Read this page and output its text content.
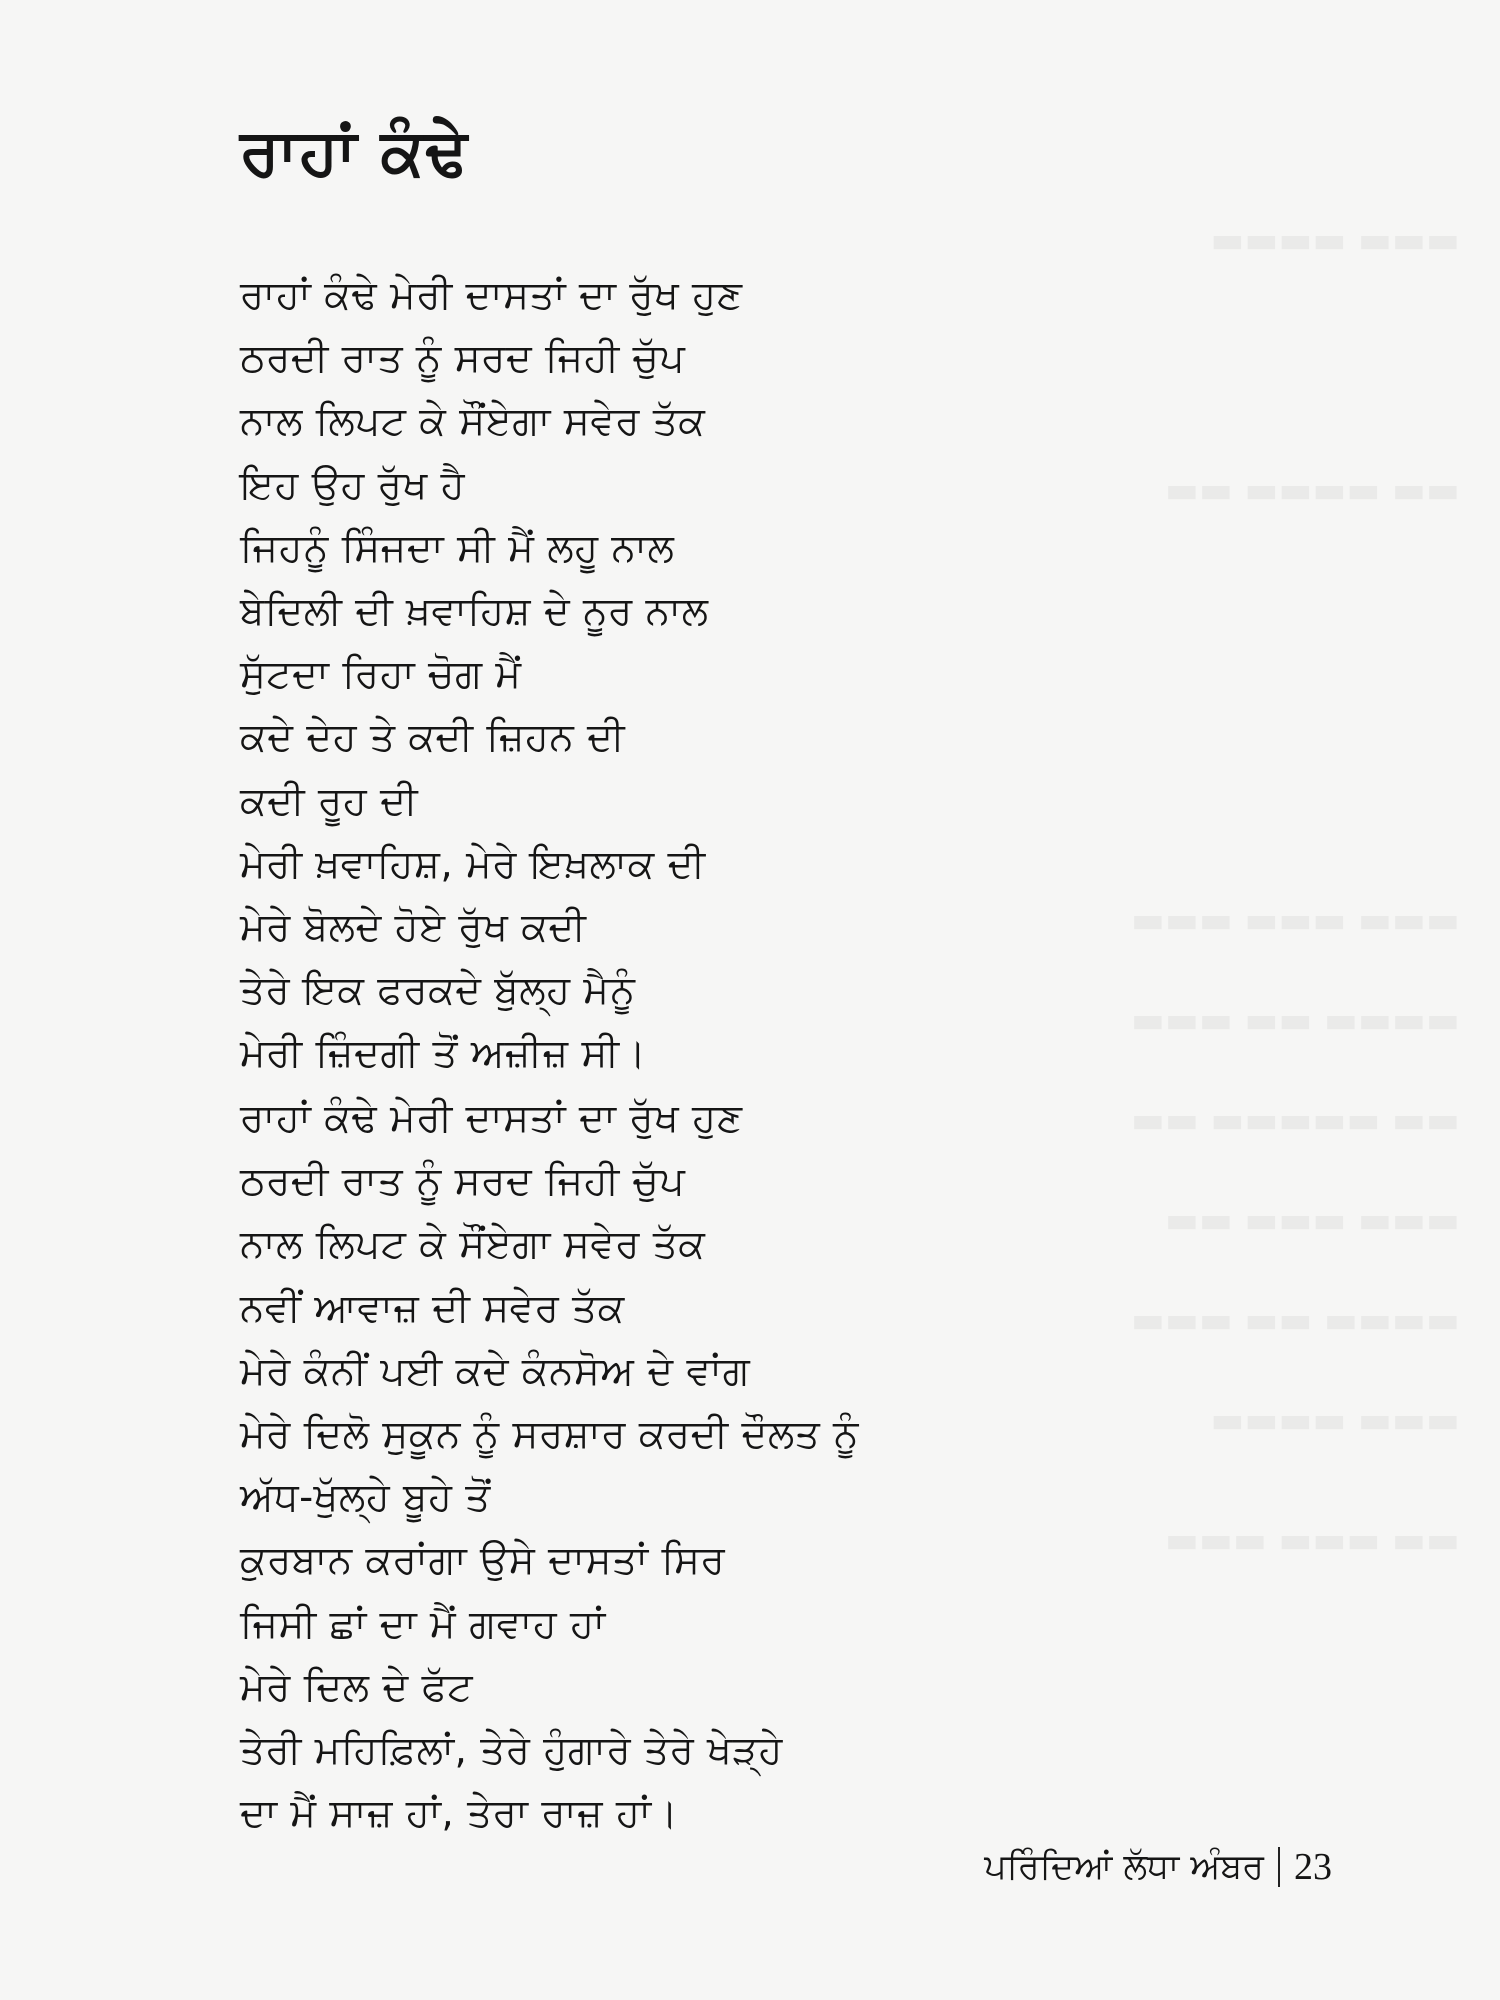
ਰਾਹਾਂ ਕੰਢੇ
ਰਾਹਾਂ ਕੰਢੇ ਮੇਰੀ ਦਾਸਤਾਂ ਦਾ ਰੁੱਖ ਹੁਣ
ਠਰਦੀ ਰਾਤ ਨੂੰ ਸਰਦ ਜਿਹੀ ਚੁੱਪ
ਨਾਲ ਲਿਪਟ ਕੇ ਸੌਂਏਗਾ ਸਵੇਰ ਤੱਕ
ਇਹ ਉਹ ਰੁੱਖ ਹੈ
ਜਿਹਨੂੰ ਸਿੰਜਦਾ ਸੀ ਮੈਂ ਲਹੂ ਨਾਲ
ਬੇਦਿਲੀ ਦੀ ਖ਼ਵਾਹਿਸ਼ ਦੇ ਨੂਰ ਨਾਲ
ਸੁੱਟਦਾ ਰਿਹਾ ਚੋਗ ਮੈਂ
ਕਦੇ ਦੇਹ ਤੇ ਕਦੀ ਜ਼ਿਹਨ ਦੀ
ਕਦੀ ਰੂਹ ਦੀ
ਮੇਰੀ ਖ਼ਵਾਹਿਸ਼, ਮੇਰੇ ਇਖ਼ਲਾਕ ਦੀ
ਮੇਰੇ ਬੋਲਦੇ ਹੋਏ ਰੁੱਖ ਕਦੀ
ਤੇਰੇ ਇਕ ਫਰਕਦੇ ਬੁੱਲ੍ਹ ਮੈਨੂੰ
ਮੇਰੀ ਜ਼ਿੰਦਗੀ ਤੋਂ ਅਜ਼ੀਜ਼ ਸੀ।
ਰਾਹਾਂ ਕੰਢੇ ਮੇਰੀ ਦਾਸਤਾਂ ਦਾ ਰੁੱਖ ਹੁਣ
ਠਰਦੀ ਰਾਤ ਨੂੰ ਸਰਦ ਜਿਹੀ ਚੁੱਪ
ਨਾਲ ਲਿਪਟ ਕੇ ਸੌਂਏਗਾ ਸਵੇਰ ਤੱਕ
ਨਵੀਂ ਆਵਾਜ਼ ਦੀ ਸਵੇਰ ਤੱਕ
ਮੇਰੇ ਕੰਨੀਂ ਪਈ ਕਦੇ ਕੰਨਸੋਅ ਦੇ ਵਾਂਗ
ਮੇਰੇ ਦਿਲੋ ਸੁਕੂਨ ਨੂੰ ਸਰਸ਼ਾਰ ਕਰਦੀ ਦੌਲਤ ਨੂੰ
ਅੱਧ-ਖੁੱਲ੍ਹੇ ਬੂਹੇ ਤੋਂ
ਕੁਰਬਾਨ ਕਰਾਂਗਾ ਉਸੇ ਦਾਸਤਾਂ ਸਿਰ
ਜਿਸੀ ਛਾਂ ਦਾ ਮੈਂ ਗਵਾਹ ਹਾਂ
ਮੇਰੇ ਦਿਲ ਦੇ ਫੱਟ
ਤੇਰੀ ਮਹਿਫ਼ਿਲਾਂ, ਤੇਰੇ ਹੁੰਗਾਰੇ ਤੇਰੇ ਖੇੜ੍ਹੇ
ਦਾ ਮੈਂ ਸਾਜ਼ ਹਾਂ, ਤੇਰਾ ਰਾਜ਼ ਹਾਂ।
ਪਰਿੰਦਿਆਂ ਲੱਧਾ ਅੰਬਰ 23
